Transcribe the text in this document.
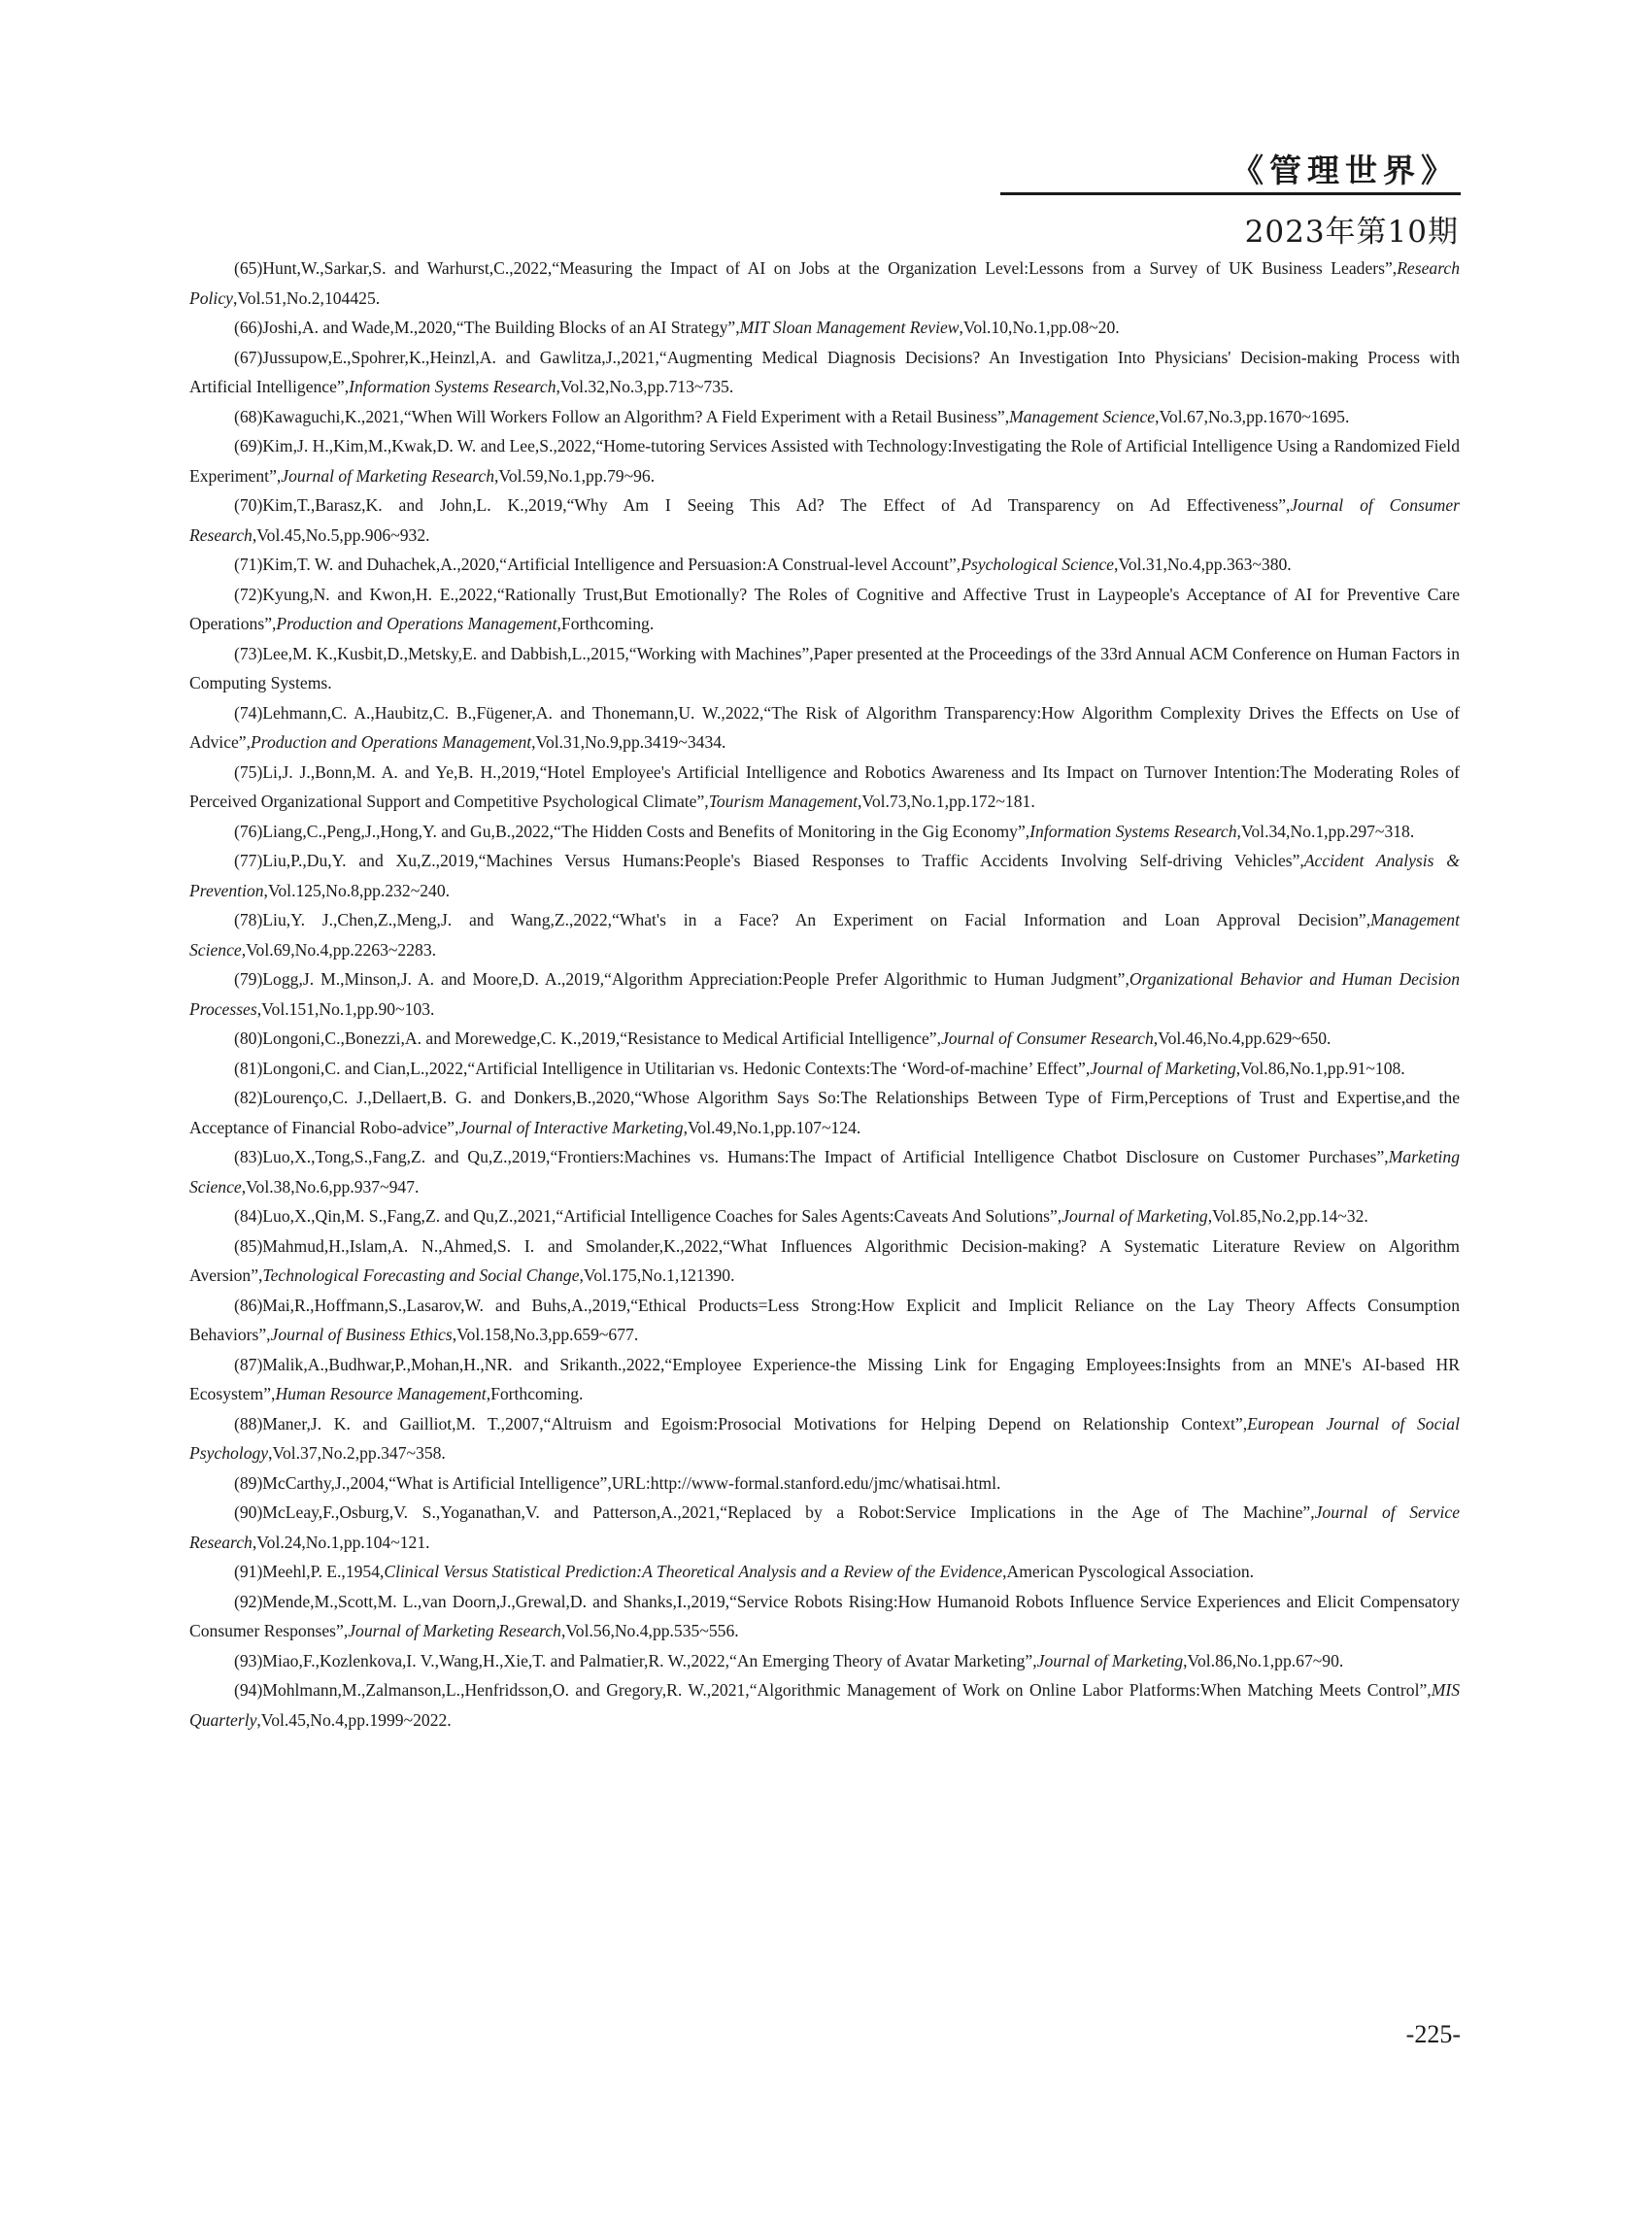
《管理世界》
2023年第10期

(65)Hunt,W.,Sarkar,S. and Warhurst,C.,2022,“Measuring the Impact of AI on Jobs at the Organization Level:Lessons from a Survey of UK Business Leaders”,Research Policy,Vol.51,No.2,104425.

(66)Joshi,A. and Wade,M.,2020,“The Building Blocks of an AI Strategy”,MIT Sloan Management Review,Vol.10,No.1,pp.08~20.

(67)Jussupow,E.,Spohrer,K.,Heinzl,A. and Gawlitza,J.,2021,“Augmenting Medical Diagnosis Decisions? An Investigation Into Physicians' Decision-making Process with Artificial Intelligence”,Information Systems Research,Vol.32,No.3,pp.713~735.

(68)Kawaguchi,K.,2021,“When Will Workers Follow an Algorithm? A Field Experiment with a Retail Business”,Management Science,Vol.67,No.3,pp.1670~1695.

(69)Kim,J. H.,Kim,M.,Kwak,D. W. and Lee,S.,2022,“Home-tutoring Services Assisted with Technology:Investigating the Role of Artificial Intelligence Using a Randomized Field Experiment”,Journal of Marketing Research,Vol.59,No.1,pp.79~96.

(70)Kim,T.,Barasz,K. and John,L. K.,2019,“Why Am I Seeing This Ad? The Effect of Ad Transparency on Ad Effectiveness”,Journal of Consumer Research,Vol.45,No.5,pp.906~932.

(71)Kim,T. W. and Duhachek,A.,2020,“Artificial Intelligence and Persuasion:A Construal-level Account”,Psychological Science,Vol.31,No.4,pp.363~380.

(72)Kyung,N. and Kwon,H. E.,2022,“Rationally Trust,But Emotionally? The Roles of Cognitive and Affective Trust in Laypeople's Acceptance of AI for Preventive Care Operations”,Production and Operations Management,Forthcoming.

(73)Lee,M. K.,Kusbit,D.,Metsky,E. and Dabbish,L.,2015,“Working with Machines”,Paper presented at the Proceedings of the 33rd Annual ACM Conference on Human Factors in Computing Systems.

(74)Lehmann,C. A.,Haubitz,C. B.,Fügener,A. and Thonemann,U. W.,2022,“The Risk of Algorithm Transparency:How Algorithm Complexity Drives the Effects on Use of Advice”,Production and Operations Management,Vol.31,No.9,pp.3419~3434.

(75)Li,J. J.,Bonn,M. A. and Ye,B. H.,2019,“Hotel Employee's Artificial Intelligence and Robotics Awareness and Its Impact on Turnover Intention:The Moderating Roles of Perceived Organizational Support and Competitive Psychological Climate”,Tourism Management,Vol.73,No.1,pp.172~181.

(76)Liang,C.,Peng,J.,Hong,Y. and Gu,B.,2022,“The Hidden Costs and Benefits of Monitoring in the Gig Economy”,Information Systems Research,Vol.34,No.1,pp.297~318.

(77)Liu,P.,Du,Y. and Xu,Z.,2019,“Machines Versus Humans:People's Biased Responses to Traffic Accidents Involving Self-driving Vehicles”,Accident Analysis & Prevention,Vol.125,No.8,pp.232~240.

(78)Liu,Y. J.,Chen,Z.,Meng,J. and Wang,Z.,2022,“What's in a Face? An Experiment on Facial Information and Loan Approval Decision”,Management Science,Vol.69,No.4,pp.2263~2283.

(79)Logg,J. M.,Minson,J. A. and Moore,D. A.,2019,“Algorithm Appreciation:People Prefer Algorithmic to Human Judgment”,Organizational Behavior and Human Decision Processes,Vol.151,No.1,pp.90~103.

(80)Longoni,C.,Bonezzi,A. and Morewedge,C. K.,2019,“Resistance to Medical Artificial Intelligence”,Journal of Consumer Research,Vol.46,No.4,pp.629~650.

(81)Longoni,C. and Cian,L.,2022,“Artificial Intelligence in Utilitarian vs. Hedonic Contexts:The ‘Word-of-machine’ Effect”,Journal of Marketing,Vol.86,No.1,pp.91~108.

(82)Lourenço,C. J.,Dellaert,B. G. and Donkers,B.,2020,“Whose Algorithm Says So:The Relationships Between Type of Firm,Perceptions of Trust and Expertise,and the Acceptance of Financial Robo-advice”,Journal of Interactive Marketing,Vol.49,No.1,pp.107~124.

(83)Luo,X.,Tong,S.,Fang,Z. and Qu,Z.,2019,“Frontiers:Machines vs. Humans:The Impact of Artificial Intelligence Chatbot Disclosure on Customer Purchases”,Marketing Science,Vol.38,No.6,pp.937~947.

(84)Luo,X.,Qin,M. S.,Fang,Z. and Qu,Z.,2021,“Artificial Intelligence Coaches for Sales Agents:Caveats And Solutions”,Journal of Marketing,Vol.85,No.2,pp.14~32.

(85)Mahmud,H.,Islam,A. N.,Ahmed,S. I. and Smolander,K.,2022,“What Influences Algorithmic Decision-making? A Systematic Literature Review on Algorithm Aversion”,Technological Forecasting and Social Change,Vol.175,No.1,121390.

(86)Mai,R.,Hoffmann,S.,Lasarov,W. and Buhs,A.,2019,“Ethical Products=Less Strong:How Explicit and Implicit Reliance on the Lay Theory Affects Consumption Behaviors”,Journal of Business Ethics,Vol.158,No.3,pp.659~677.

(87)Malik,A.,Budhwar,P.,Mohan,H.,NR. and Srikanth.,2022,“Employee Experience-the Missing Link for Engaging Employees:Insights from an MNE's AI-based HR Ecosystem”,Human Resource Management,Forthcoming.

(88)Maner,J. K. and Gailliot,M. T.,2007,“Altruism and Egoism:Prosocial Motivations for Helping Depend on Relationship Context”,European Journal of Social Psychology,Vol.37,No.2,pp.347~358.

(89)McCarthy,J.,2004,“What is Artificial Intelligence”,URL:http://www-formal.stanford.edu/jmc/whatisai.html.

(90)McLeay,F.,Osburg,V. S.,Yoganathan,V. and Patterson,A.,2021,“Replaced by a Robot:Service Implications in the Age of The Machine”,Journal of Service Research,Vol.24,No.1,pp.104~121.

(91)Meehl,P. E.,1954,Clinical Versus Statistical Prediction:A Theoretical Analysis and a Review of the Evidence,American Pyscological Association.

(92)Mende,M.,Scott,M. L.,van Doorn,J.,Grewal,D. and Shanks,I.,2019,“Service Robots Rising:How Humanoid Robots Influence Service Experiences and Elicit Compensatory Consumer Responses”,Journal of Marketing Research,Vol.56,No.4,pp.535~556.

(93)Miao,F.,Kozlenkova,I. V.,Wang,H.,Xie,T. and Palmatier,R. W.,2022,“An Emerging Theory of Avatar Marketing”,Journal of Marketing,Vol.86,No.1,pp.67~90.

(94)Mohlmann,M.,Zalmanson,L.,Henfridsson,O. and Gregory,R. W.,2021,“Algorithmic Management of Work on Online Labor Platforms:When Matching Meets Control”,MIS Quarterly,Vol.45,No.4,pp.1999~2022.

-225-
